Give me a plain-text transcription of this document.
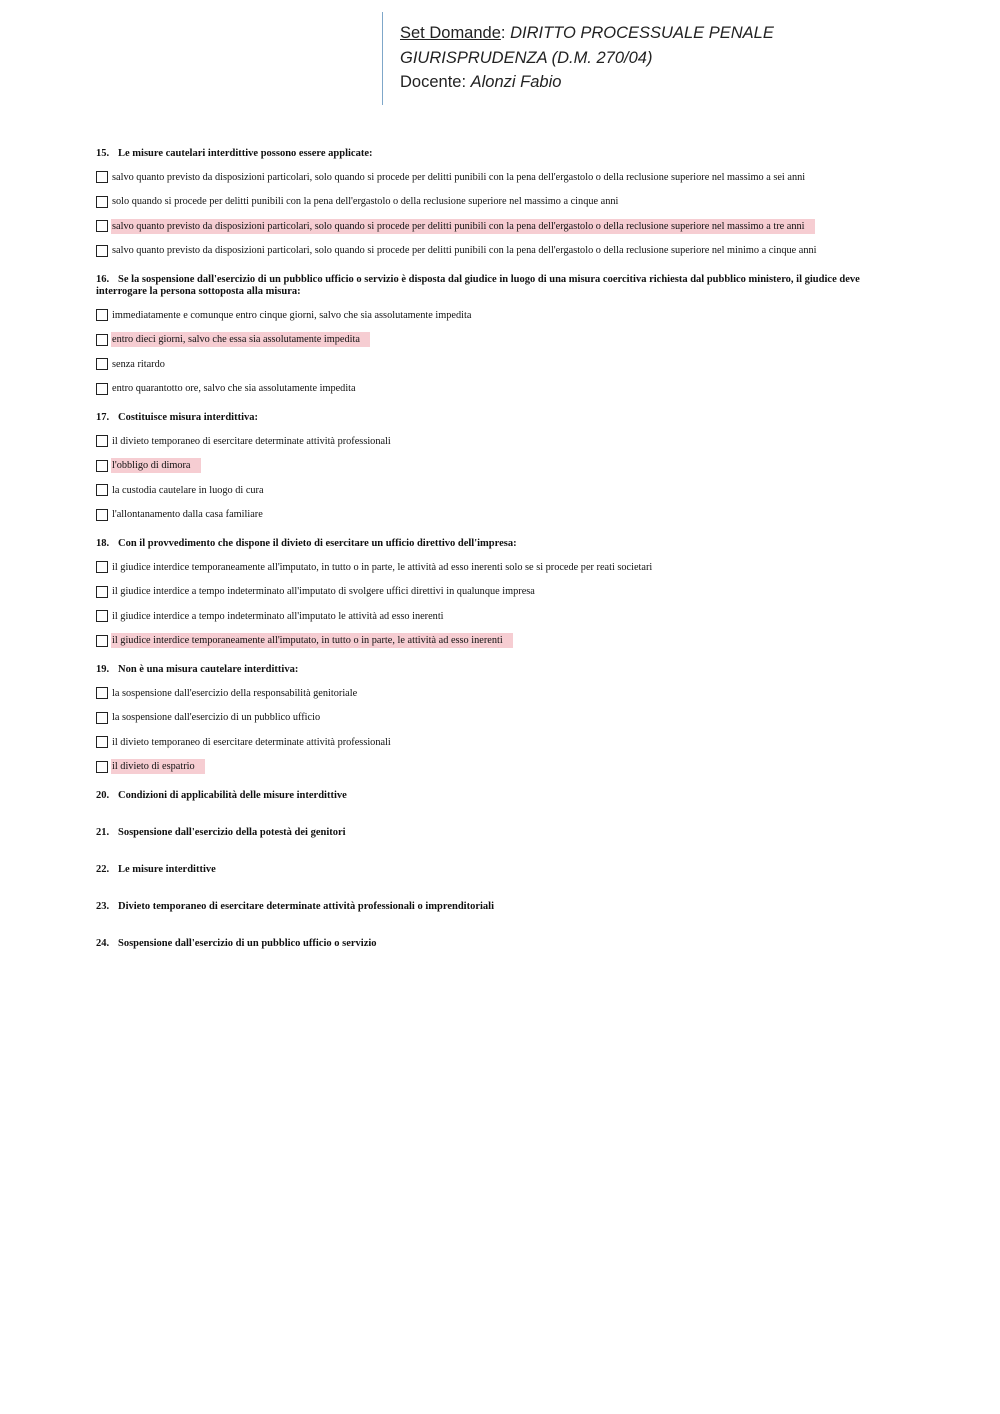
Set Domande: DIRITTO PROCESSUALE PENALE
GIURISPRUDENZA (D.M. 270/04)
Docente: Alonzi Fabio
15. Le misure cautelari interdittive possono essere applicate:
salvo quanto previsto da disposizioni particolari, solo quando si procede per delitti punibili con la pena dell'ergastolo o della reclusione superiore nel massimo a sei anni
solo quando si procede per delitti punibili con la pena dell'ergastolo o della reclusione superiore nel massimo a cinque anni
salvo quanto previsto da disposizioni particolari, solo quando si procede per delitti punibili con la pena dell'ergastolo o della reclusione superiore nel massimo a tre anni
salvo quanto previsto da disposizioni particolari, solo quando si procede per delitti punibili con la pena dell'ergastolo o della reclusione superiore nel minimo a cinque anni
16. Se la sospensione dall'esercizio di un pubblico ufficio o servizio è disposta dal giudice in luogo di una misura coercitiva richiesta dal pubblico ministero, il giudice deve interrogare la persona sottoposta alla misura:
immediatamente e comunque entro cinque giorni, salvo che sia assolutamente impedita
entro dieci giorni, salvo che essa sia assolutamente impedita
senza ritardo
entro quarantotto ore, salvo che sia assolutamente impedita
17. Costituisce misura interdittiva:
il divieto temporaneo di esercitare determinate attività professionali
l'obbligo di dimora
la custodia cautelare in luogo di cura
l'allontanamento dalla casa familiare
18. Con il provvedimento che dispone il divieto di esercitare un ufficio direttivo dell'impresa:
il giudice interdice temporaneamente all'imputato, in tutto o in parte, le attività ad esso inerenti solo se si procede per reati societari
il giudice interdice a tempo indeterminato all'imputato di svolgere uffici direttivi in qualunque impresa
il giudice interdice a tempo indeterminato all'imputato le attività ad esso inerenti
il giudice interdice temporaneamente all'imputato, in tutto o in parte, le attività ad esso inerenti
19. Non è una misura cautelare interdittiva:
la sospensione dall'esercizio della responsabilità genitoriale
la sospensione dall'esercizio di un pubblico ufficio
il divieto temporaneo di esercitare determinate attività professionali
il divieto di espatrio
20. Condizioni di applicabilità delle misure interdittive
21. Sospensione dall'esercizio della potestà dei genitori
22. Le misure interdittive
23. Divieto temporaneo di esercitare determinate attività professionali o imprenditoriali
24. Sospensione dall'esercizio di un pubblico ufficio o servizio
